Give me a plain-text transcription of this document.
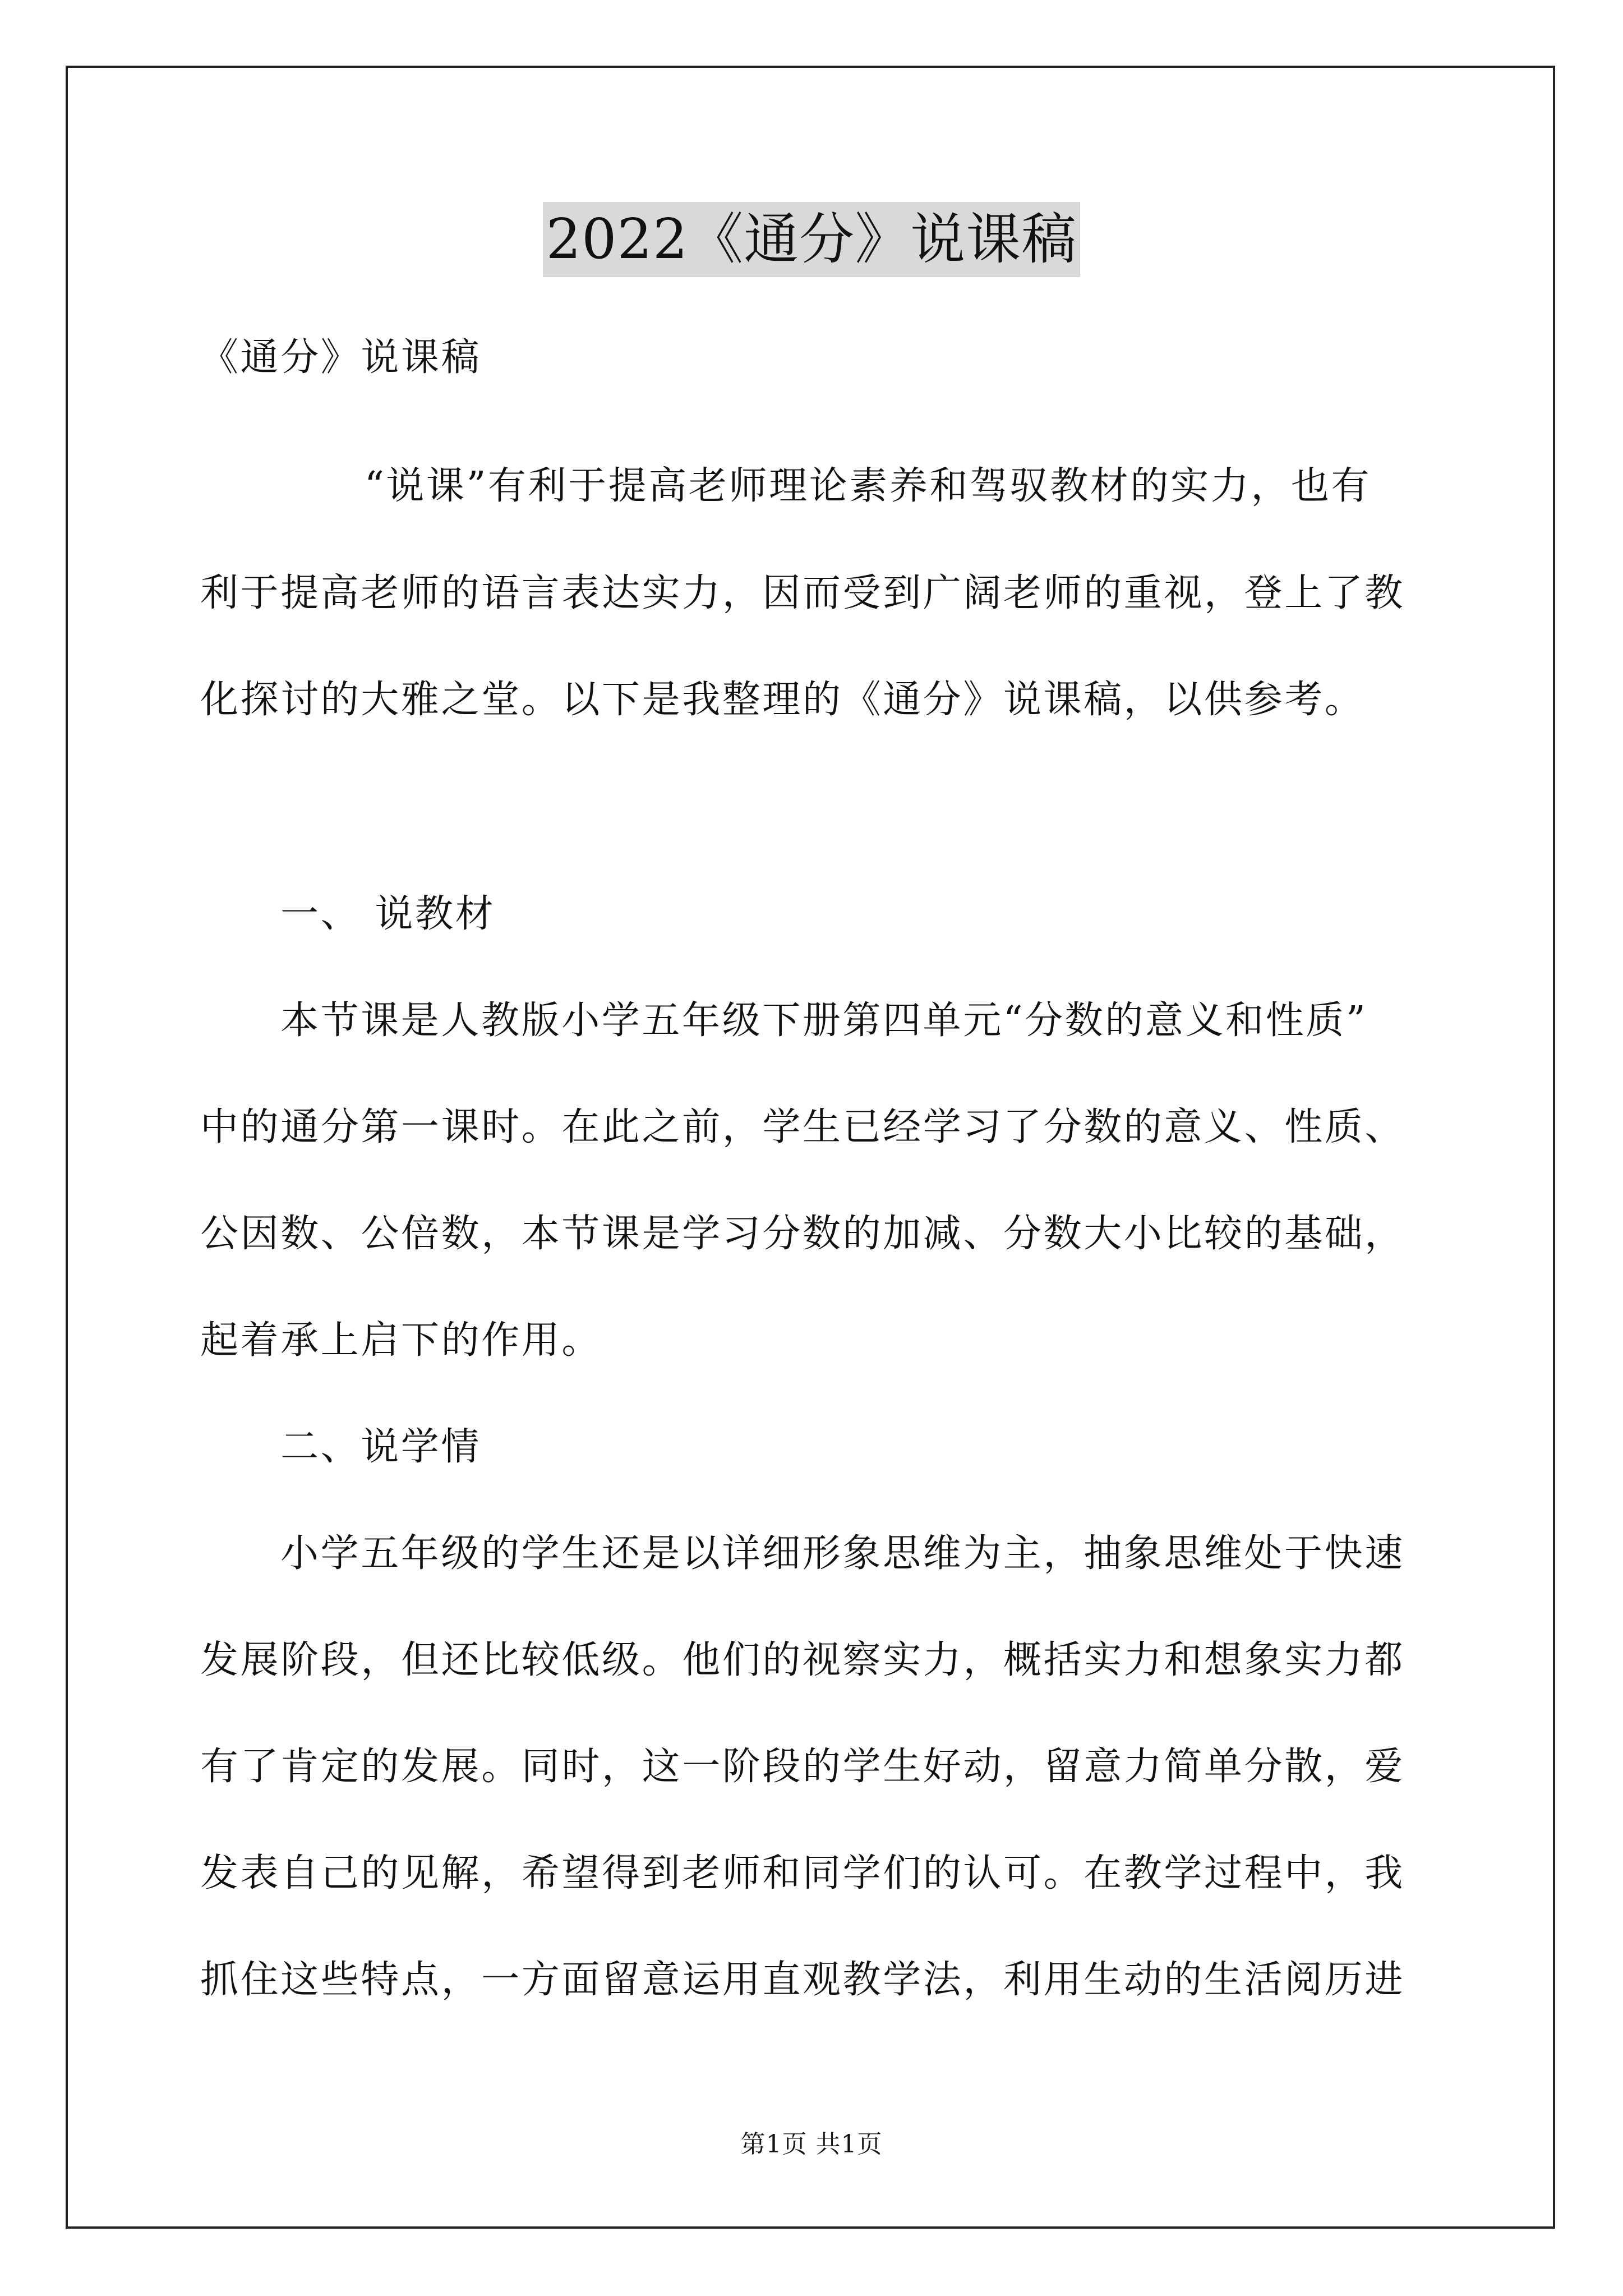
2022《通分》说课稿
《通分》说课稿
“说课”有利于提高老师理论素养和驾驭教材的实力，也有
利于提高老师的语言表达实力，因而受到广阔老师的重视，登上了教
化探讨的大雅之堂。以下是我整理的《通分》说课稿，以供参考。
一、 说教材
本节课是人教版小学五年级下册第四单元“分数的意义和性质”
中的通分第一课时。在此之前，学生已经学习了分数的意义、性质、
公因数、公倍数，本节课是学习分数的加减、分数大小比较的基础，
起着承上启下的作用。
二、说学情
小学五年级的学生还是以详细形象思维为主，抽象思维处于快速
发展阶段，但还比较低级。他们的视察实力，概括实力和想象实力都
有了肯定的发展。同时，这一阶段的学生好动，留意力简单分散，爱
发表自己的见解，希望得到老师和同学们的认可。在教学过程中，我
抓住这些特点，一方面留意运用直观教学法，利用生动的生活阅历进
第1页 共1页
